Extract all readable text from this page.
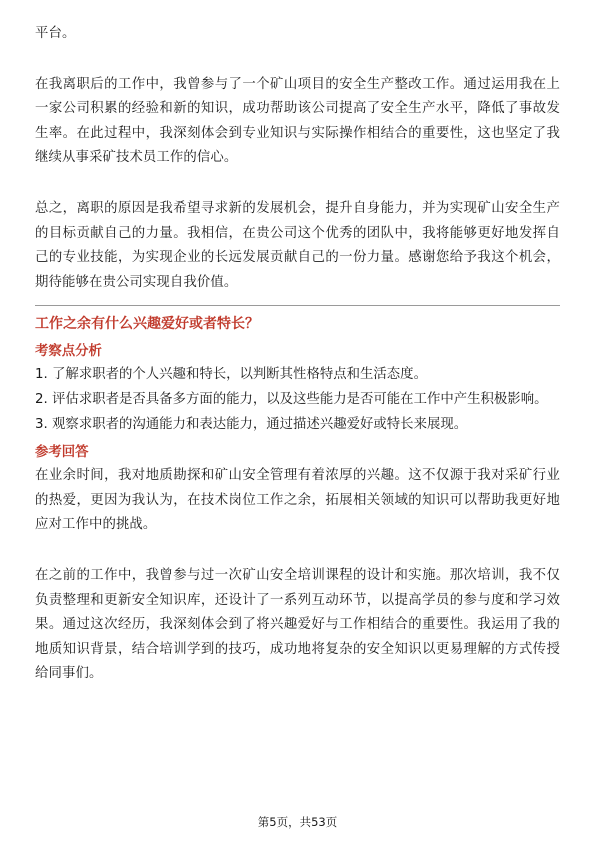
平台。

在我离职后的工作中，我曾参与了一个矿山项目的安全生产整改工作。通过运用我在上一家公司积累的经验和新的知识，成功帮助该公司提高了安全生产水平，降低了事故发生率。在此过程中，我深刻体会到专业知识与实际操作相结合的重要性，这也坚定了我继续从事采矿技术员工作的信心。

总之，离职的原因是我希望寻求新的发展机会，提升自身能力，并为实现矿山安全生产的目标贡献自己的力量。我相信，在贵公司这个优秀的团队中，我将能够更好地发挥自己的专业技能，为实现企业的长远发展贡献自己的一份力量。感谢您给予我这个机会，期待能够在贵公司实现自我价值。

工作之余有什么兴趣爱好或者特长？

考察点分析

1. 了解求职者的个人兴趣和特长，以判断其性格特点和生活态度。

2. 评估求职者是否具备多方面的能力，以及这些能力是否可能在工作中产生积极影响。

3. 观察求职者的沟通能力和表达能力，通过描述兴趣爱好或特长来展现。

参考回答

在业余时间，我对地质勘探和矿山安全管理有着浓厚的兴趣。这不仅源于我对采矿行业的热爱，更因为我认为，在技术岗位工作之余，拓展相关领域的知识可以帮助我更好地应对工作中的挑战。

在之前的工作中，我曾参与过一次矿山安全培训课程的设计和实施。那次培训，我不仅负责整理和更新安全知识库，还设计了一系列互动环节，以提高学员的参与度和学习效果。通过这次经历，我深刻体会到了将兴趣爱好与工作相结合的重要性。我运用了我的地质知识背景，结合培训学到的技巧，成功地将复杂的安全知识以更易理解的方式传授给同事们。

第5页，共53页
